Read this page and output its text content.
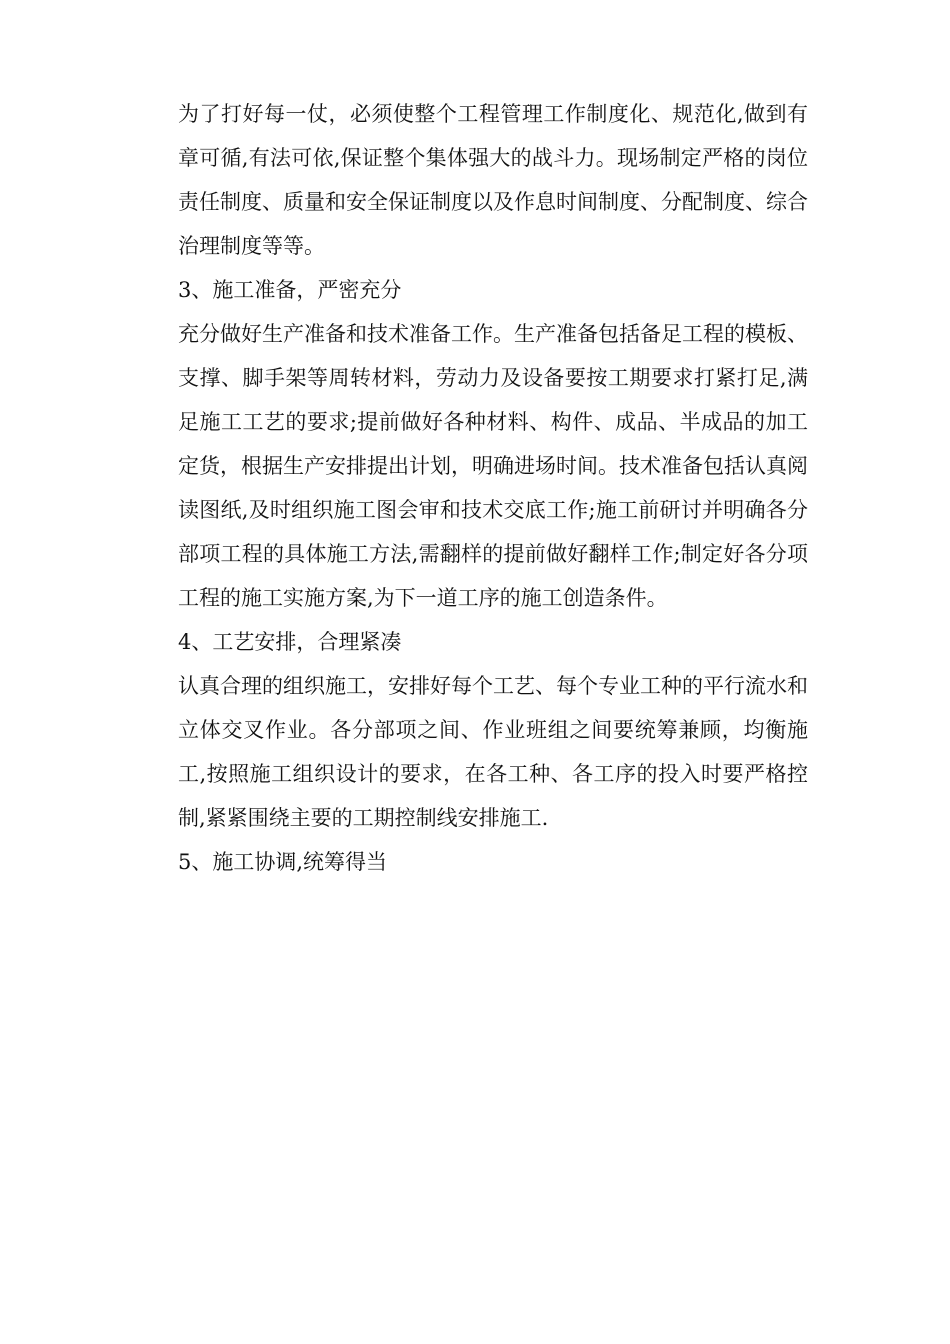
为了打好每一仗，必须使整个工程管理工作制度化、规范化,做到有章可循,有法可依,保证整个集体强大的战斗力。现场制定严格的岗位责任制度、质量和安全保证制度以及作息时间制度、分配制度、综合治理制度等等。

3、施工准备，严密充分

充分做好生产准备和技术准备工作。生产准备包括备足工程的模板、支撑、脚手架等周转材料，劳动力及设备要按工期要求打紧打足,满足施工工艺的要求;提前做好各种材料、构件、成品、半成品的加工定货，根据生产安排提出计划，明确进场时间。技术准备包括认真阅读图纸,及时组织施工图会审和技术交底工作;施工前研讨并明确各分部项工程的具体施工方法,需翻样的提前做好翻样工作;制定好各分项工程的施工实施方案,为下一道工序的施工创造条件。

4、工艺安排，合理紧凑

认真合理的组织施工，安排好每个工艺、每个专业工种的平行流水和立体交叉作业。各分部项之间、作业班组之间要统筹兼顾，均衡施工,按照施工组织设计的要求，在各工种、各工序的投入时要严格控制,紧紧围绕主要的工期控制线安排施工.

5、施工协调,统筹得当
